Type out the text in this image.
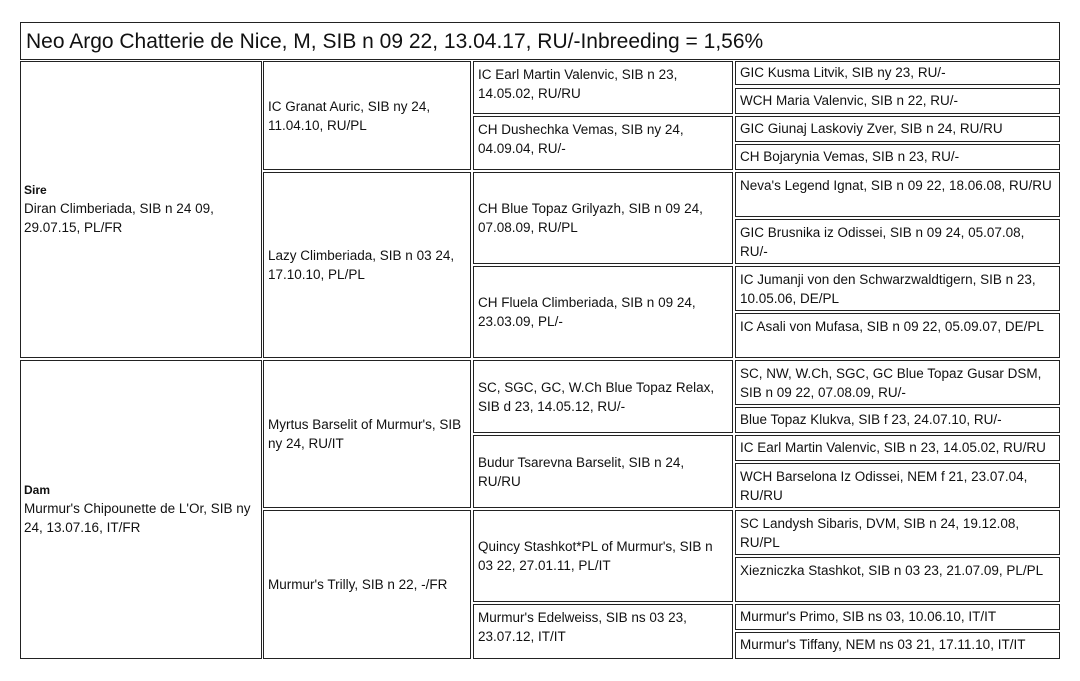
Neo Argo Chatterie de Nice, M, SIB n 09 22, 13.04.17, RU/-Inbreeding = 1,56%
Sire
Diran Climberiada, SIB n 24 09, 29.07.15, PL/FR
Dam
Murmur's Chipounette de L'Or, SIB ny 24, 13.07.16, IT/FR
IC Granat Auric, SIB ny 24, 11.04.10, RU/PL
Lazy Climberiada, SIB n 03 24, 17.10.10, PL/PL
Myrtus Barselit of Murmur's, SIB ny 24, RU/IT
Murmur's Trilly, SIB n 22, -/FR
IC Earl Martin Valenvic, SIB n 23, 14.05.02, RU/RU
CH Dushechka Vemas, SIB ny 24, 04.09.04, RU/-
CH Blue Topaz Grilyazh, SIB n 09 24, 07.08.09, RU/PL
CH Fluela Climberiada, SIB n 09 24, 23.03.09, PL/-
SC, SGC, GC, W.Ch Blue Topaz Relax, SIB d 23, 14.05.12, RU/-
Budur Tsarevna Barselit, SIB n 24, RU/RU
Quincy Stashkot*PL of Murmur's, SIB n 03 22, 27.01.11, PL/IT
Murmur's Edelweiss, SIB ns 03 23, 23.07.12, IT/IT
GIC Kusma Litvik, SIB ny 23, RU/-
WCH Maria Valenvic, SIB n 22, RU/-
GIC Giunaj Laskoviy Zver, SIB n 24, RU/RU
CH Bojarynia Vemas, SIB n 23, RU/-
Neva's Legend Ignat, SIB n 09 22, 18.06.08, RU/RU
GIC Brusnika iz Odissei, SIB n 09 24, 05.07.08, RU/-
IC Jumanji von den Schwarzwaldtigern, SIB n 23, 10.05.06, DE/PL
IC Asali von Mufasa, SIB n 09 22, 05.09.07, DE/PL
SC, NW, W.Ch, SGC, GC Blue Topaz Gusar DSM, SIB n 09 22, 07.08.09, RU/-
Blue Topaz Klukva, SIB f 23, 24.07.10, RU/-
IC Earl Martin Valenvic, SIB n 23, 14.05.02, RU/RU
WCH Barselona Iz Odissei, NEM f 21, 23.07.04, RU/RU
SC Landysh Sibaris, DVM, SIB n 24, 19.12.08, RU/PL
Xiezniczka Stashkot, SIB n 03 23, 21.07.09, PL/PL
Murmur's Primo, SIB ns 03, 10.06.10, IT/IT
Murmur's Tiffany, NEM ns 03 21, 17.11.10, IT/IT
